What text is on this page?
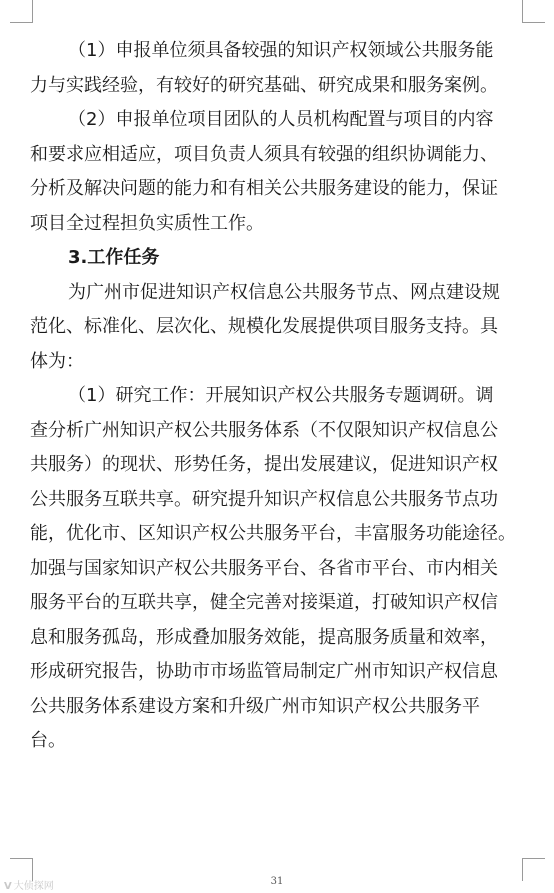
（1）申报单位须具备较强的知识产权领域公共服务能
力与实践经验，有较好的研究基础、研究成果和服务案例。
（2）申报单位项目团队的人员机构配置与项目的内容
和要求应相适应，项目负责人须具有较强的组织协调能力、
分析及解决问题的能力和有相关公共服务建设的能力，保证
项目全过程担负实质性工作。
3.工作任务
为广州市促进知识产权信息公共服务节点、网点建设规
范化、标准化、层次化、规模化发展提供项目服务支持。具
体为：
（1）研究工作：开展知识产权公共服务专题调研。调
查分析广州知识产权公共服务体系（不仅限知识产权信息公
共服务）的现状、形势任务，提出发展建议，促进知识产权
公共服务互联共享。研究提升知识产权信息公共服务节点功
能，优化市、区知识产权公共服务平台，丰富服务功能途径。
加强与国家知识产权公共服务平台、各省市平台、市内相关
服务平台的互联共享，健全完善对接渠道，打破知识产权信
息和服务孤岛，形成叠加服务效能，提高服务质量和效率，
形成研究报告，协助市市场监管局制定广州市知识产权信息
公共服务体系建设方案和升级广州市知识产权公共服务平
台。
31
V 大侦探网
